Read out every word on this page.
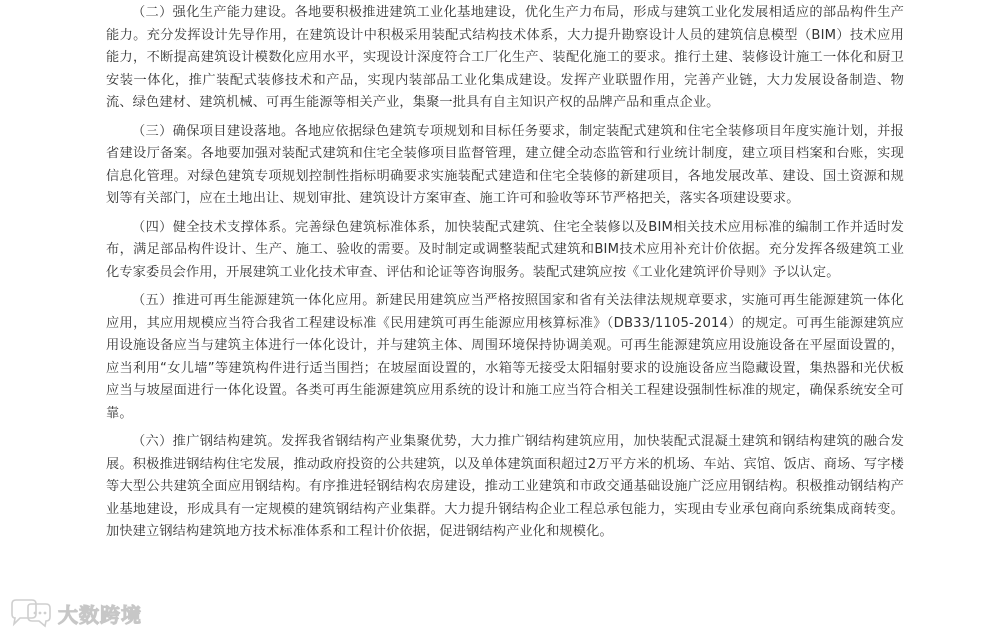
（二）强化生产能力建设。各地要积极推进建筑工业化基地建设，优化生产力布局，形成与建筑工业化发展相适应的部品构件生产能力。充分发挥设计先导作用，在建筑设计中积极采用装配式结构技术体系，大力提升勘察设计人员的建筑信息模型（BIM）技术应用能力，不断提高建筑设计模数化应用水平，实现设计深度符合工厂化生产、装配化施工的要求。推行土建、装修设计施工一体化和厨卫安装一体化，推广装配式装修技术和产品，实现内装部品工业化集成建设。发挥产业联盟作用，完善产业链，大力发展设备制造、物流、绿色建材、建筑机械、可再生能源等相关产业，集聚一批具有自主知识产权的品牌产品和重点企业。

（三）确保项目建设落地。各地应依据绿色建筑专项规划和目标任务要求，制定装配式建筑和住宅全装修项目年度实施计划，并报省建设厅备案。各地要加强对装配式建筑和住宅全装修项目监督管理，建立健全动态监管和行业统计制度，建立项目档案和台账，实现信息化管理。对绿色建筑专项规划控制性指标明确要求实施装配式建造和住宅全装修的新建项目，各地发展改革、建设、国土资源和规划等有关部门，应在土地出让、规划审批、建筑设计方案审查、施工许可和验收等环节严格把关，落实各项建设要求。

（四）健全技术支撑体系。完善绿色建筑标准体系，加快装配式建筑、住宅全装修以及BIM相关技术应用标准的编制工作并适时发布，满足部品构件设计、生产、施工、验收的需要。及时制定或调整装配式建筑和BIM技术应用补充计价依据。充分发挥各级建筑工业化专家委员会作用，开展建筑工业化技术审查、评估和论证等咨询服务。装配式建筑应按《工业化建筑评价导则》予以认定。

（五）推进可再生能源建筑一体化应用。新建民用建筑应当严格按照国家和省有关法律法规规章要求，实施可再生能源建筑一体化应用，其应用规模应当符合我省工程建设标准《民用建筑可再生能源应用核算标准》（DB33/1105-2014）的规定。可再生能源建筑应用设施设备应当与建筑主体进行一体化设计，并与建筑主体、周围环境保持协调美观。可再生能源建筑应用设施设备在平屋面设置的，应当利用“女儿墙”等建筑构件进行适当围挡；在坡屋面设置的，水箱等无接受太阳辐射要求的设施设备应当隐藏设置，集热器和光伏板应当与坡屋面进行一体化设置。各类可再生能源建筑应用系统的设计和施工应当符合相关工程建设强制性标准的规定，确保系统安全可靠。

（六）推广钢结构建筑。发挥我省钢结构产业集聚优势，大力推广钢结构建筑应用，加快装配式混凝土建筑和钢结构建筑的融合发展。积极推进钢结构住宅发展，推动政府投资的公共建筑，以及单体建筑面积超过2万平方米的机场、车站、宾馆、饭店、商场、写字楼等大型公共建筑全面应用钢结构。有序推进轻钢结构农房建设，推动工业建筑和市政交通基础设施广泛应用钢结构。积极推动钢结构产业基地建设，形成具有一定规模的建筑钢结构产业集群。大力提升钢结构企业工程总承包能力，实现由专业承包商向系统集成商转变。加快建立钢结构建筑地方技术标准体系和工程计价依据，促进钢结构产业化和规模化。

大数跨境
